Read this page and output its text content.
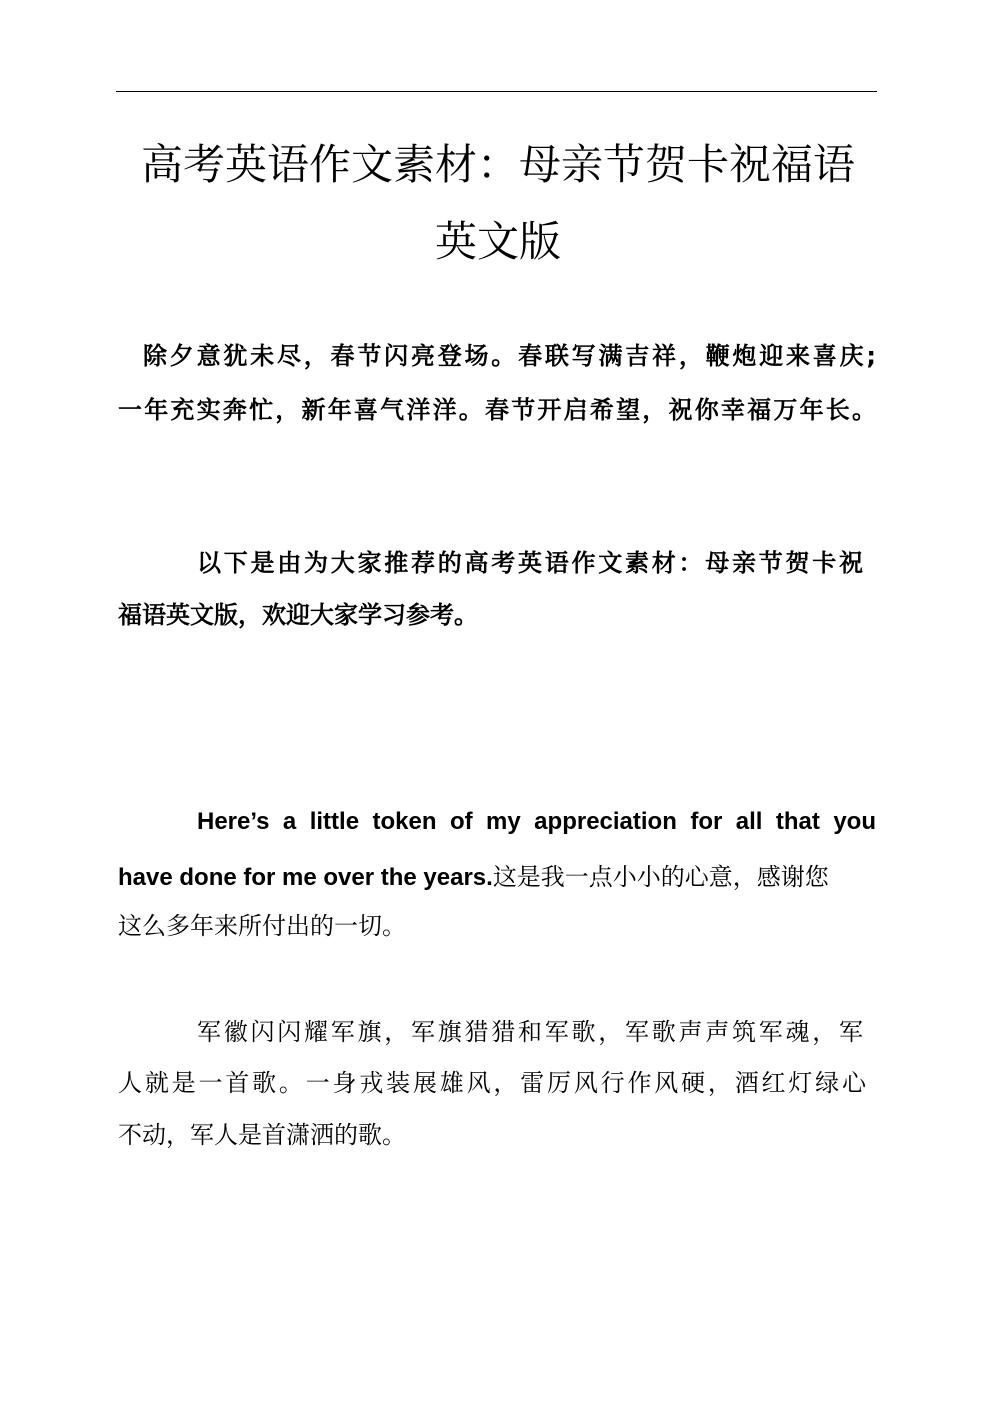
高考英语作文素材：母亲节贺卡祝福语
英文版
除夕意犹未尽，春节闪亮登场。春联写满吉祥，鞭炮迎来喜庆;
一年充实奔忙，新年喜气洋洋。春节开启希望，祝你幸福万年长。
以下是由为大家推荐的高考英语作文素材：母亲节贺卡祝
福语英文版，欢迎大家学习参考。
Here’s a little token of my appreciation for all that you
have done for me over the years.这是我一点小小的心意，感谢您
这么多年来所付出的一切。
军徽闪闪耀军旗，军旗猎猎和军歌，军歌声声筑军魂，军
人就是一首歌。一身戎装展雄风，雷厉风行作风硬，酒红灯绿心
不动，军人是首潇洒的歌。
